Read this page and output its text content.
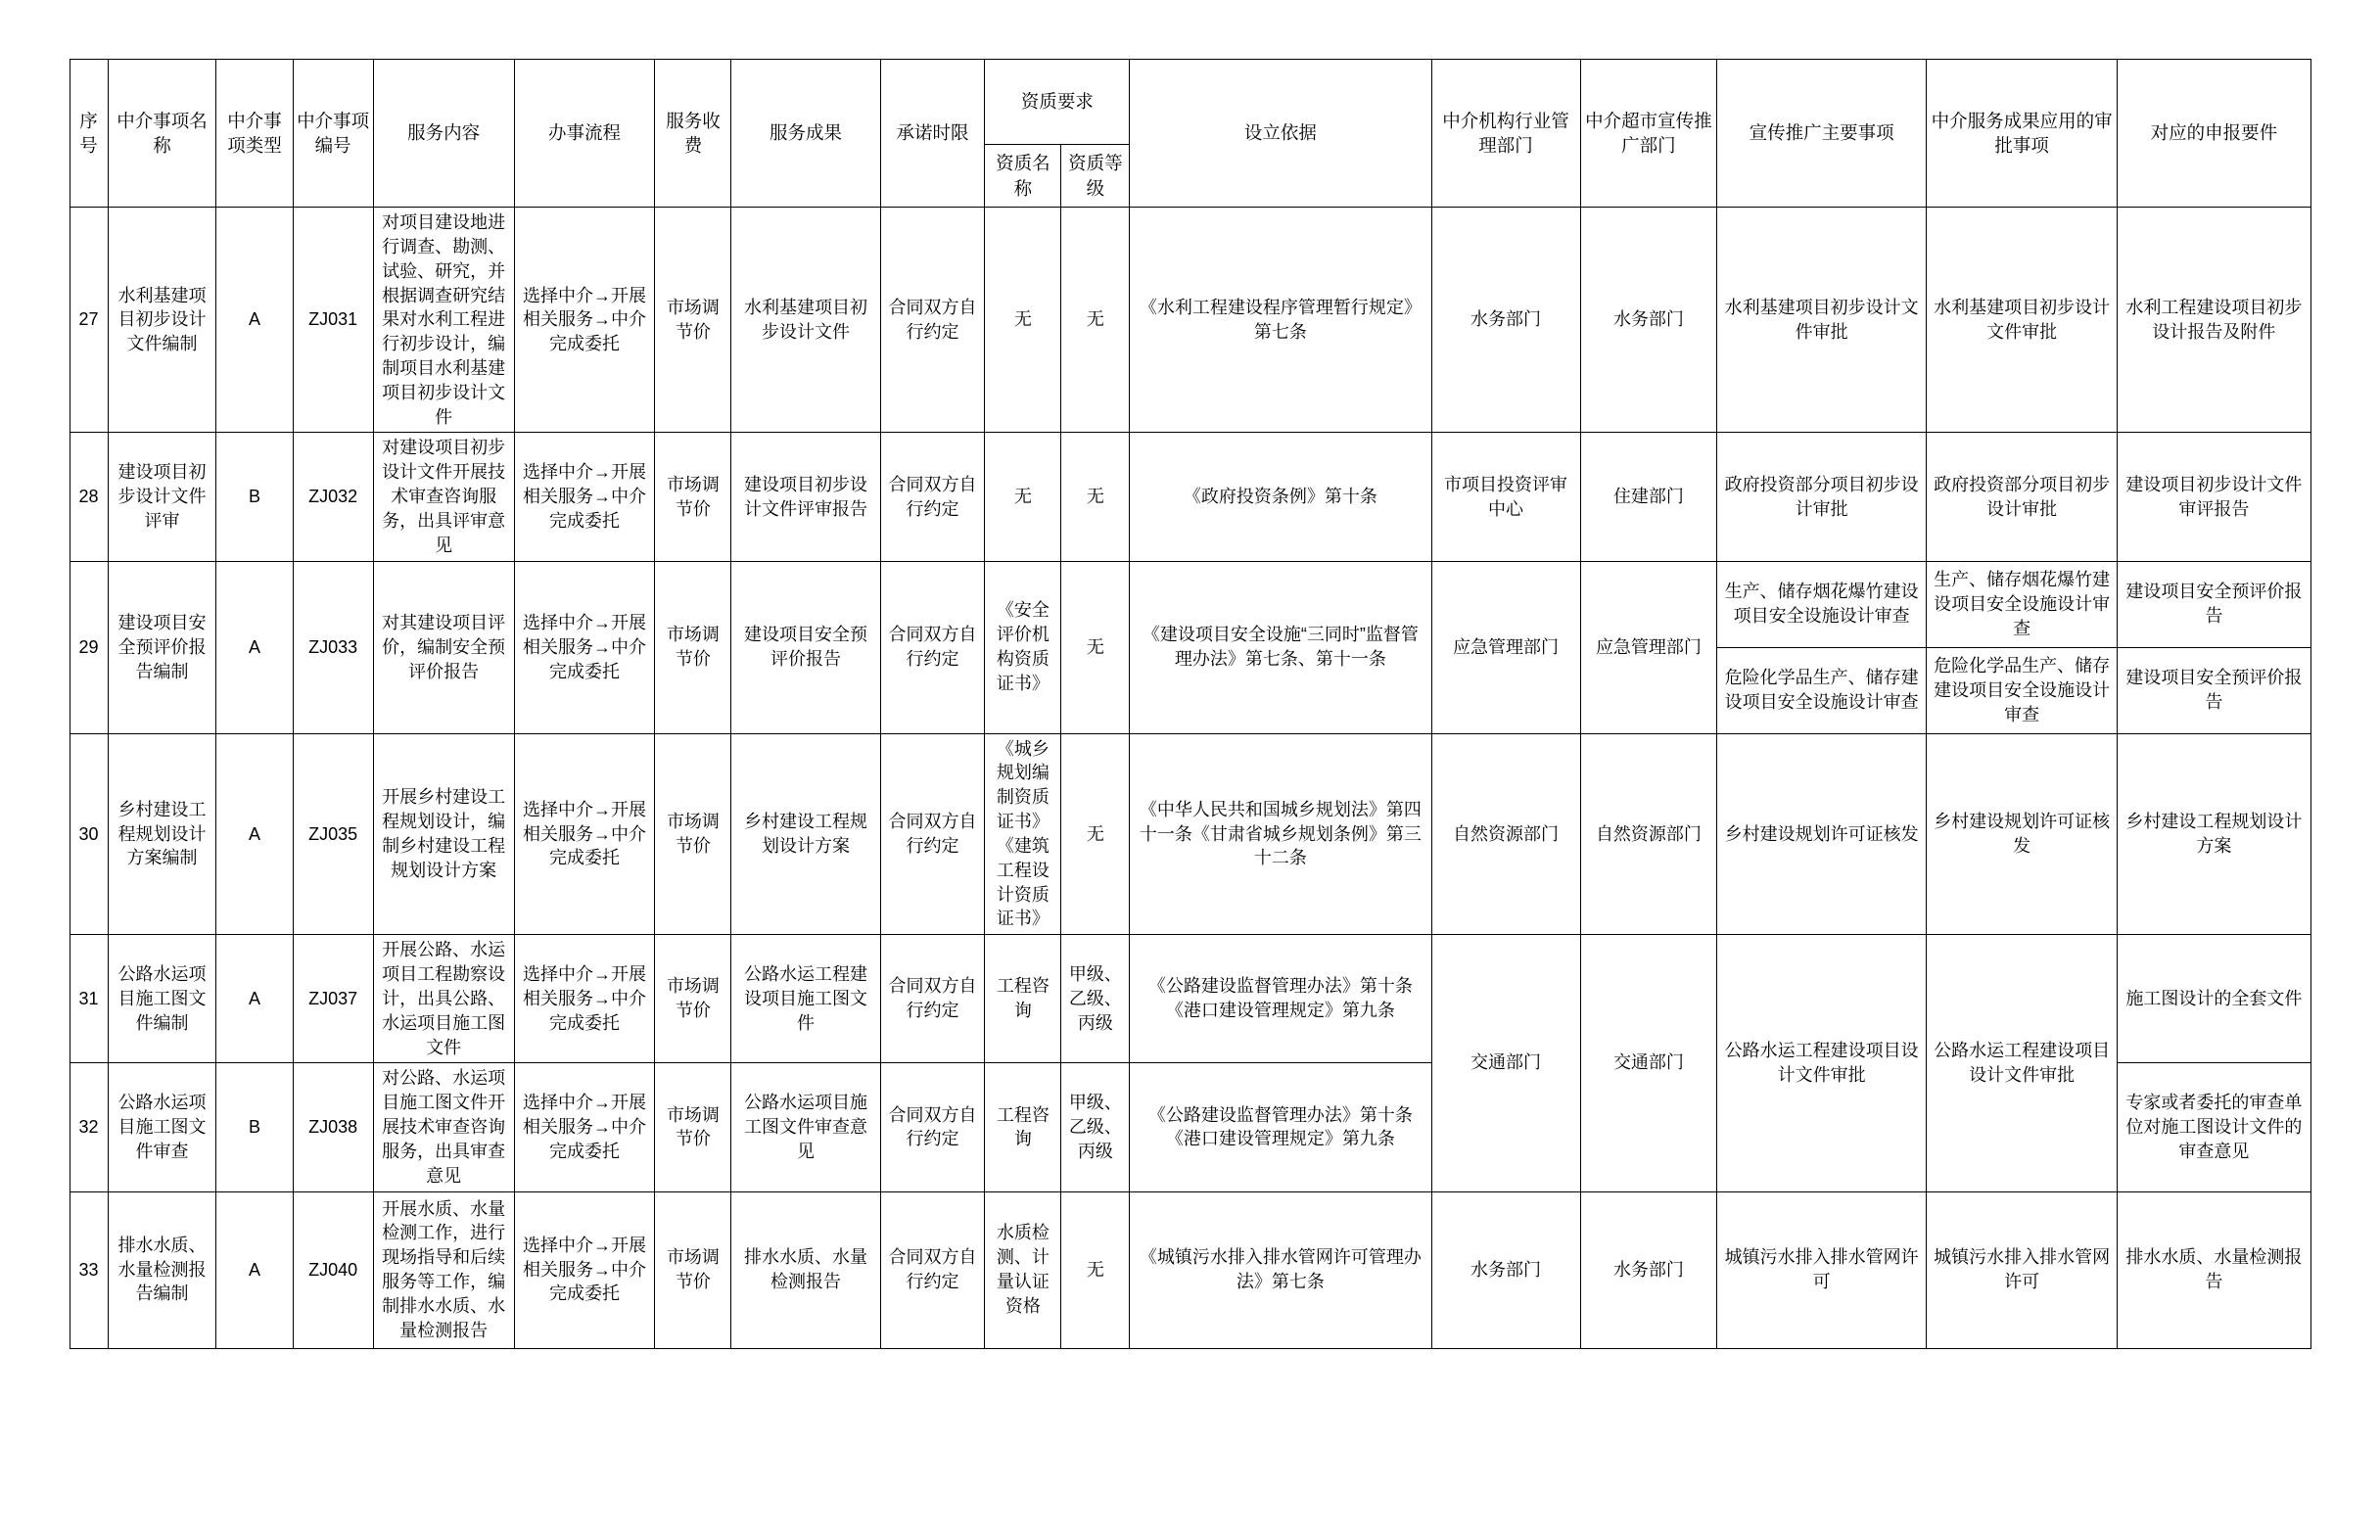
序号	中介事项名称	中介事项类型	中介事项编号	服务内容	办事流程	服务收费	服务成果	承诺时限	资质要求		设立依据	中介机构行业管理部门	中介超市宣传推广部门	宣传推广主要事项	中介服务成果应用的审批事项	对应的申报要件
									资质名称	资质等级						
27	水利基建项目初步设计文件编制	A	ZJ031	对项目建设地进行调查、勘测、试验、研究，并根据调查研究结果对水利工程进行初步设计，编制项目水利基建项目初步设计文件	选择中介→开展相关服务→中介完成委托	市场调节价	水利基建项目初步设计文件	合同双方自行约定	无	无	《水利工程建设程序管理暂行规定》第七条	水务部门	水务部门	水利基建项目初步设计文件审批	水利基建项目初步设计文件审批	水利工程建设项目初步设计报告及附件
28	建设项目初步设计文件评审	B	ZJ032	对建设项目初步设计文件开展技术审查咨询服务，出具评审意见	选择中介→开展相关服务→中介完成委托	市场调节价	建设项目初步设计文件评审报告	合同双方自行约定	无	无	《政府投资条例》第十条	市项目投资评审中心	住建部门	政府投资部分项目初步设计审批	政府投资部分项目初步设计审批	建设项目初步设计文件审评报告
29	建设项目安全预评价报告编制	A	ZJ033	对其建设项目评价，编制安全预评价报告	选择中介→开展相关服务→中介完成委托	市场调节价	建设项目安全预评价报告	合同双方自行约定	《安全评价机构资质证书》	无	《建设项目安全设施“三同时”监督管理办法》第七条、第十一条	应急管理部门	应急管理部门	生产、储存烟花爆竹建设项目安全设施设计审查	生产、储存烟花爆竹建设项目安全设施设计审查	建设项目安全预评价报告
														危险化学品生产、储存建设项目安全设施设计审查	危险化学品生产、储存建设项目安全设施设计审查	建设项目安全预评价报告
30	乡村建设工程规划设计方案编制	A	ZJ035	开展乡村建设工程规划设计，编制乡村建设工程规划设计方案	选择中介→开展相关服务→中介完成委托	市场调节价	乡村建设工程规划设计方案	合同双方自行约定	《城乡规划编制资质证书》《建筑工程设计资质证书》	无	《中华人民共和国城乡规划法》第四十一条《甘肃省城乡规划条例》第三十二条	自然资源部门	自然资源部门	乡村建设规划许可证核发	乡村建设规划许可证核发	乡村建设工程规划设计方案
31	公路水运项目施工图文件编制	A	ZJ037	开展公路、水运项目工程勘察设计，出具公路、水运项目施工图文件	选择中介→开展相关服务→中介完成委托	市场调节价	公路水运工程建设项目施工图文件	合同双方自行约定	工程咨询	甲级、乙级、丙级	《公路建设监督管理办法》第十条《港口建设管理规定》第九条	交通部门	交通部门	公路水运工程建设项目设计文件审批	公路水运工程建设项目设计文件审批	施工图设计的全套文件
32	公路水运项目施工图文件审查	B	ZJ038	对公路、水运项目施工图文件开展技术审查咨询服务，出具审查意见	选择中介→开展相关服务→中介完成委托	市场调节价	公路水运项目施工图文件审查意见	合同双方自行约定	工程咨询	甲级、乙级、丙级	《公路建设监督管理办法》第十条《港口建设管理规定》第九条					专家或者委托的审查单位对施工图设计文件的审查意见
33	排水水质、水量检测报告编制	A	ZJ040	开展水质、水量检测工作，进行现场指导和后续服务等工作，编制排水水质、水量检测报告	选择中介→开展相关服务→中介完成委托	市场调节价	排水水质、水量检测报告	合同双方自行约定	水质检测、计量认证资格	无	《城镇污水排入排水管网许可管理办法》第七条	水务部门	水务部门	城镇污水排入排水管网许可	城镇污水排入排水管网许可	排水水质、水量检测报告
